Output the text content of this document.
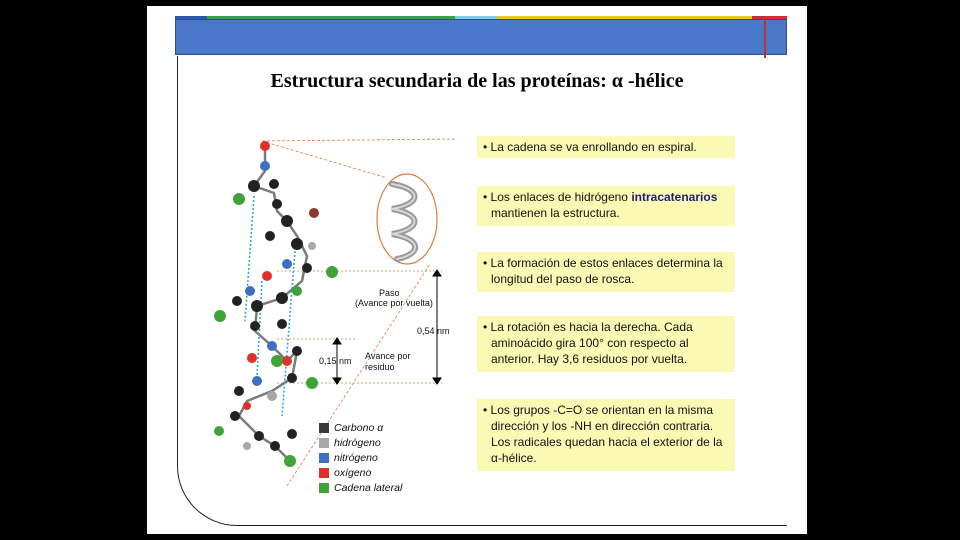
Estructura secundaria de las proteínas: α -hélice
Paso
(Avance por vuelta)
0,54 nm
0,15 nm Avance por
residuo
Carbono α
hidrógeno
nitrógeno
oxígeno
Cadena lateral
• La cadena se va enrollando en espiral.
• Los enlaces de hidrógeno intracatenarios mantienen la estructura.
• La formación de estos enlaces determina la longitud del paso de rosca.
• La rotación es hacia la derecha. Cada aminoácido gira 100° con respecto al anterior. Hay 3,6 residuos por vuelta.
• Los grupos -C=O se orientan en la misma dirección y los -NH en dirección contraria. Los radicales quedan hacia el exterior de la α-hélice.
